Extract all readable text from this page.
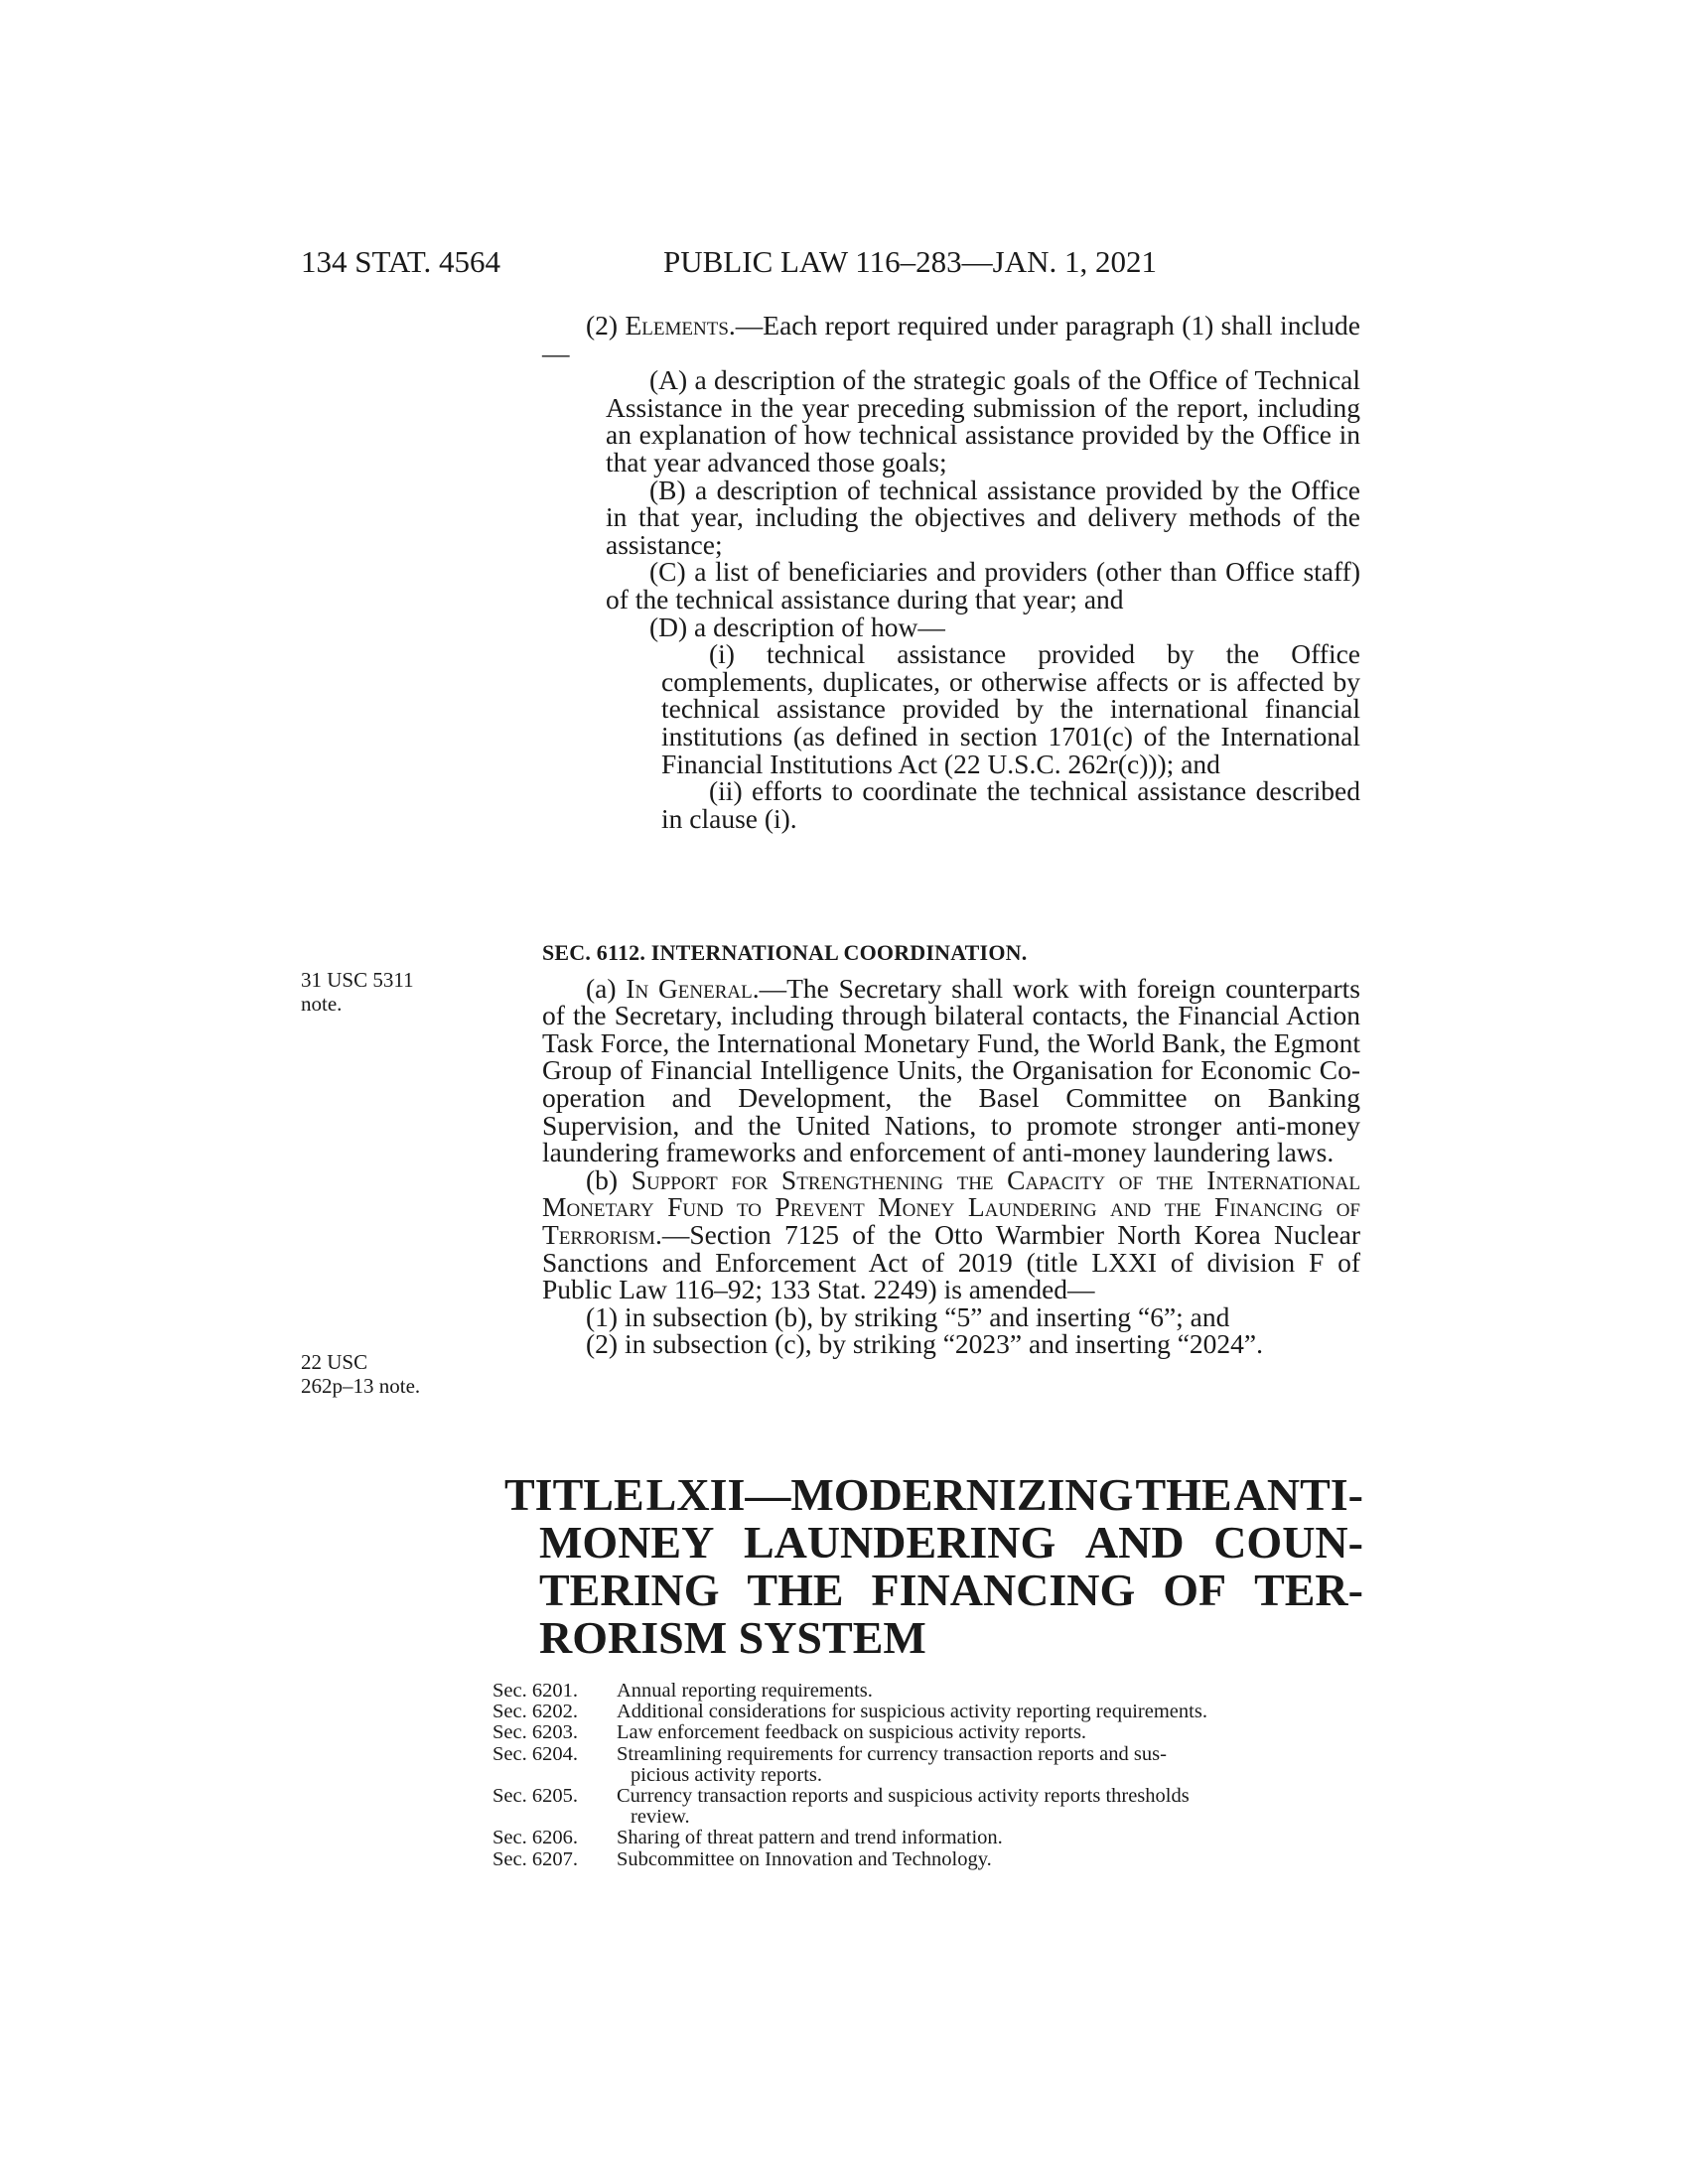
134 STAT. 4564	PUBLIC LAW 116–283—JAN. 1, 2021

(2) Elements.—Each report required under paragraph (1) shall include—

(A) a description of the strategic goals of the Office of Technical Assistance in the year preceding submission of the report, including an explanation of how technical assistance provided by the Office in that year advanced those goals;

(B) a description of technical assistance provided by the Office in that year, including the objectives and delivery methods of the assistance;

(C) a list of beneficiaries and providers (other than Office staff) of the technical assistance during that year; and

(D) a description of how—

(i) technical assistance provided by the Office complements, duplicates, or otherwise affects or is affected by technical assistance provided by the international financial institutions (as defined in section 1701(c) of the International Financial Institutions Act (22 U.S.C. 262r(c))); and

(ii) efforts to coordinate the technical assistance described in clause (i).

SEC. 6112. INTERNATIONAL COORDINATION.

(a) In General.—The Secretary shall work with foreign counterparts of the Secretary, including through bilateral contacts, the Financial Action Task Force, the International Monetary Fund, the World Bank, the Egmont Group of Financial Intelligence Units, the Organisation for Economic Co-operation and Development, the Basel Committee on Banking Supervision, and the United Nations, to promote stronger anti-money laundering frameworks and enforcement of anti-money laundering laws.

(b) Support for Strengthening the Capacity of the International Monetary Fund to Prevent Money Laundering and the Financing of Terrorism.—Section 7125 of the Otto Warmbier North Korea Nuclear Sanctions and Enforcement Act of 2019 (title LXXI of division F of Public Law 116–92; 133 Stat. 2249) is amended—

(1) in subsection (b), by striking “5” and inserting “6”; and

(2) in subsection (c), by striking “2023” and inserting “2024”.

31 USC 5311
note.
22 USC
262p–13 note.
TITLE LXII—MODERNIZING THE ANTI-
MONEY LAUNDERING AND COUN-
TERING THE FINANCING OF TER-
RORISM SYSTEM
Sec. 6201.	Annual reporting requirements.
Sec. 6202.	Additional considerations for suspicious activity reporting requirements.
Sec. 6203.	Law enforcement feedback on suspicious activity reports.
Sec. 6204.	Streamlining requirements for currency transaction reports and sus-
picious activity reports.
Sec. 6205.	Currency transaction reports and suspicious activity reports thresholds
review.
Sec. 6206.	Sharing of threat pattern and trend information.
Sec. 6207.	Subcommittee on Innovation and Technology.
